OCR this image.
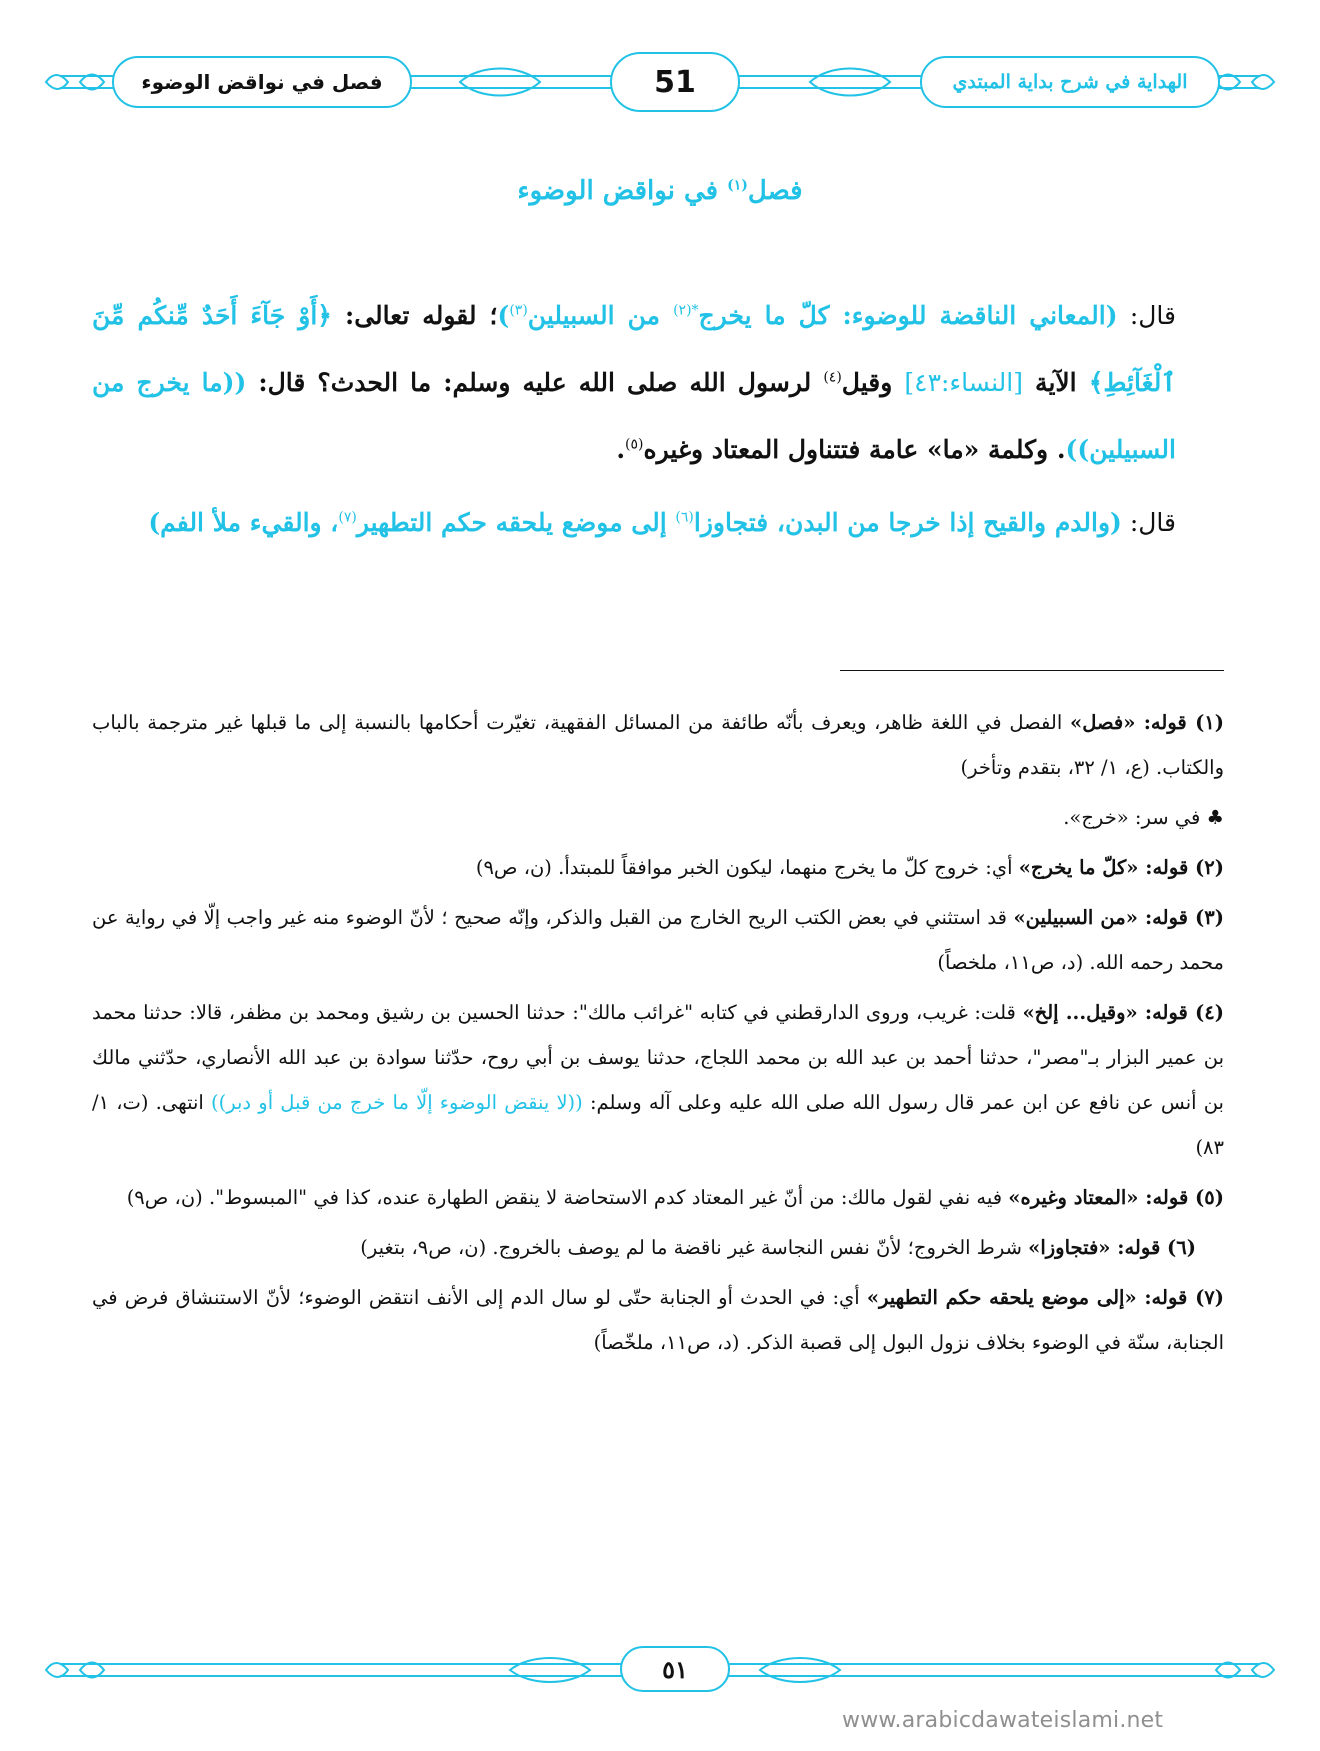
فصل في نواقض الوضوء	51	الهداية في شرح بداية المبتدي
فصل$^{(١)}$ في نواقض الوضوء

قال: (المعاني الناقضة للوضوء: كلّ ما يخرج$^{*(٢)}$ من السبيلين$^{(٣)}$)؛ لقوله تعالى: ﴿أَوْ جَآءَ أَحَدٌ مِّنكُم مِّنَ ٱلْغَآئِطِ﴾ الآية [النساء:٤٣] وقيل$^{(٤)}$ لرسول الله صلى الله عليه وسلم: ما الحدث؟ قال: ((ما يخرج من السبيلين)). وكلمة «ما» عامة فتتناول المعتاد وغيره$^{(٥)}$.

قال: (والدم والقيح إذا خرجا من البدن، فتجاوزا$^{(٦)}$ إلى موضع يلحقه حكم التطهير$^{(٧)}$، والقيء ملأ الفم)

(١) قوله: «فصل» الفصل في اللغة ظاهر، ويعرف بأنّه طائفة من المسائل الفقهية، تغيّرت أحكامها بالنسبة إلى ما قبلها غير مترجمة بالباب والكتاب. (ع، ١/ ٣٢، بتقدم وتأخر)

♣ في سر: «خرج».

(٢) قوله: «كلّ ما يخرج» أي: خروج كلّ ما يخرج منهما، ليكون الخبر موافقاً للمبتدأ. (ن، ص٩)

(٣) قوله: «من السبيلين» قد استثني في بعض الكتب الريح الخارج من القبل والذكر، وإنّه صحيح ؛ لأنّ الوضوء منه غير واجب إلّا في رواية عن محمد رحمه الله. (د، ص١١، ملخصاً)

(٤) قوله: «وقيل... إلخ» قلت: غريب، وروى الدارقطني في كتابه "غرائب مالك": حدثنا الحسين بن رشيق ومحمد بن مظفر، قالا: حدثنا محمد بن عمير البزار بـ"مصر"، حدثنا أحمد بن عبد الله بن محمد اللجاج، حدثنا يوسف بن أبي روح، حدّثنا سوادة بن عبد الله الأنصاري، حدّثني مالك بن أنس عن نافع عن ابن عمر قال رسول الله صلى الله عليه وعلى آله وسلم: ((لا ينقض الوضوء إلّا ما خرج من قبل أو دبر)) انتهى. (ت، ١/ ٨٣)

(٥) قوله: «المعتاد وغيره» فيه نفي لقول مالك: من أنّ غير المعتاد كدم الاستحاضة لا ينقض الطهارة عنده، كذا في "المبسوط". (ن، ص٩)

(٦) قوله: «فتجاوزا» شرط الخروج؛ لأنّ نفس النجاسة غير ناقضة ما لم يوصف بالخروج. (ن، ص٩، بتغير)

(٧) قوله: «إلى موضع يلحقه حكم التطهير» أي: في الحدث أو الجنابة حتّى لو سال الدم إلى الأنف انتقض الوضوء؛ لأنّ الاستنشاق فرض في الجنابة، سنّة في الوضوء بخلاف نزول البول إلى قصبة الذكر. (د، ص١١، ملخّصاً)

٥١
www.arabicdawateislami.net
